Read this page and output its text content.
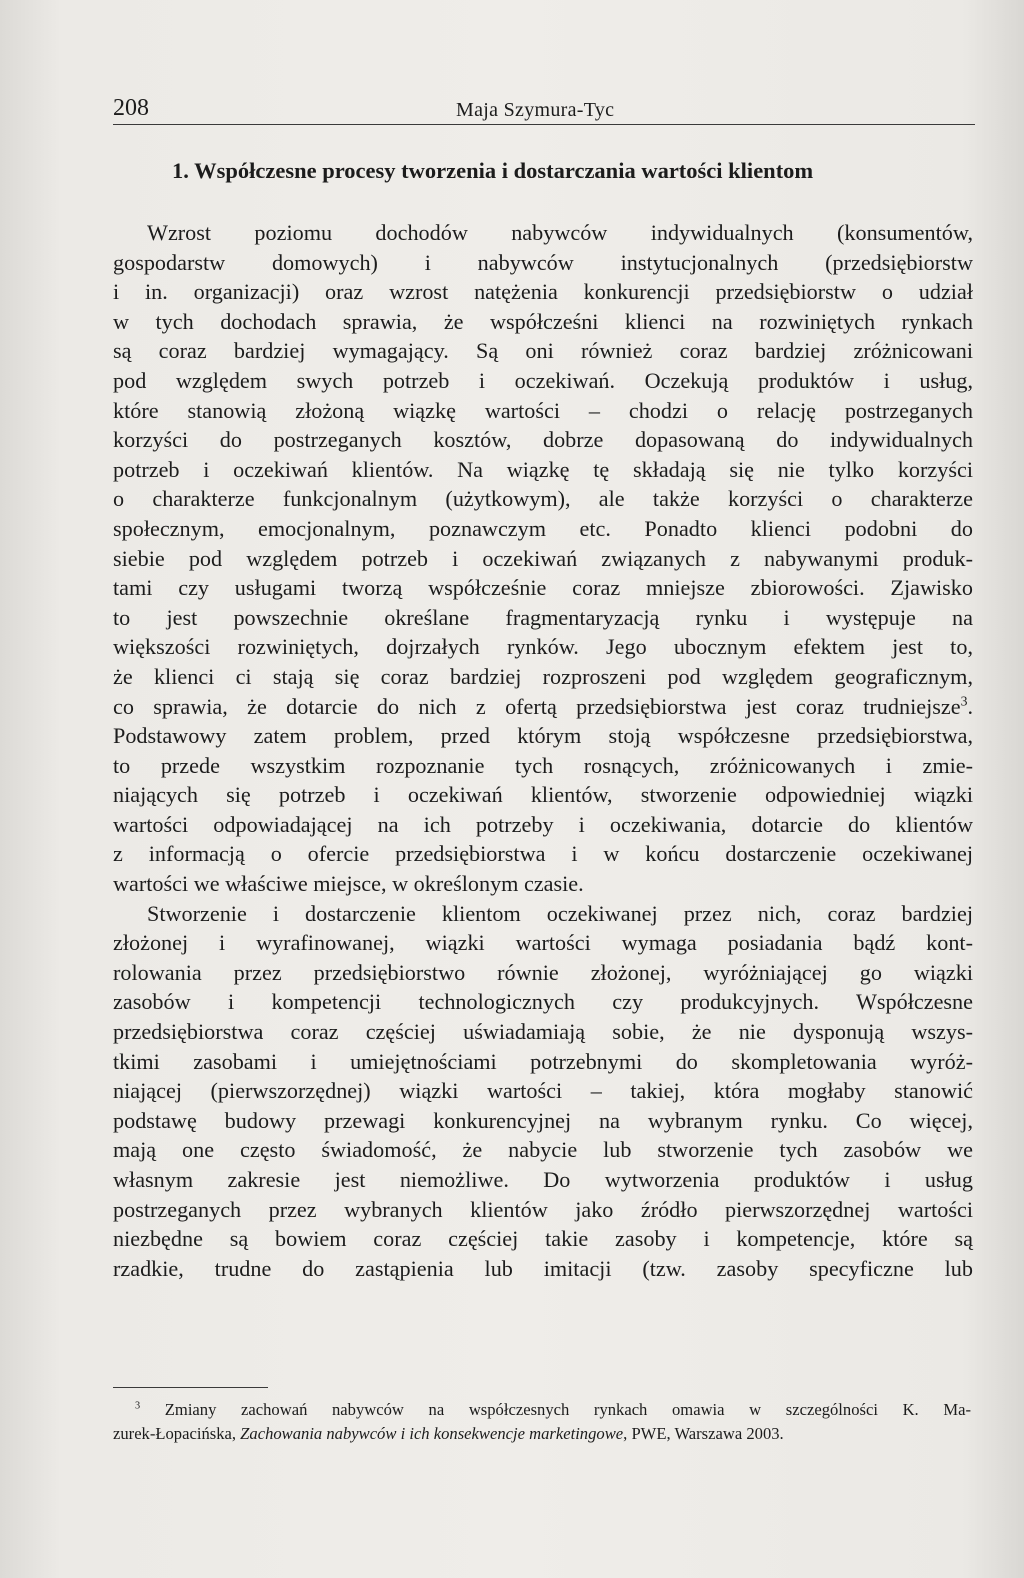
208	Maja Szymura-Tyc
1. Współczesne procesy tworzenia i dostarczania wartości klientom
Wzrost poziomu dochodów nabywców indywidualnych (konsumentów,
gospodarstw domowych) i nabywców instytucjonalnych (przedsiębiorstw
i in. organizacji) oraz wzrost natężenia konkurencji przedsiębiorstw o udział
w tych dochodach sprawia, że współcześni klienci na rozwiniętych rynkach
są coraz bardziej wymagający. Są oni również coraz bardziej zróżnicowani
pod względem swych potrzeb i oczekiwań. Oczekują produktów i usług,
które stanowią złożoną wiązkę wartości – chodzi o relację postrzeganych
korzyści do postrzeganych kosztów, dobrze dopasowaną do indywidualnych
potrzeb i oczekiwań klientów. Na wiązkę tę składają się nie tylko korzyści
o charakterze funkcjonalnym (użytkowym), ale także korzyści o charakterze
społecznym, emocjonalnym, poznawczym etc. Ponadto klienci podobni do
siebie pod względem potrzeb i oczekiwań związanych z nabywanymi produk-
tami czy usługami tworzą współcześnie coraz mniejsze zbiorowości. Zjawisko
to jest powszechnie określane fragmentaryzacją rynku i występuje na
większości rozwiniętych, dojrzałych rynków. Jego ubocznym efektem jest to,
że klienci ci stają się coraz bardziej rozproszeni pod względem geograficznym,
co sprawia, że dotarcie do nich z ofertą przedsiębiorstwa jest coraz trudniejsze$^3$.
Podstawowy zatem problem, przed którym stoją współczesne przedsiębiorstwa,
to przede wszystkim rozpoznanie tych rosnących, zróżnicowanych i zmie-
niających się potrzeb i oczekiwań klientów, stworzenie odpowiedniej wiązki
wartości odpowiadającej na ich potrzeby i oczekiwania, dotarcie do klientów
z informacją o ofercie przedsiębiorstwa i w końcu dostarczenie oczekiwanej
wartości we właściwe miejsce, w określonym czasie.
Stworzenie i dostarczenie klientom oczekiwanej przez nich, coraz bardziej
złożonej i wyrafinowanej, wiązki wartości wymaga posiadania bądź kont-
rolowania przez przedsiębiorstwo równie złożonej, wyróżniającej go wiązki
zasobów i kompetencji technologicznych czy produkcyjnych. Współczesne
przedsiębiorstwa coraz częściej uświadamiają sobie, że nie dysponują wszys-
tkimi zasobami i umiejętnościami potrzebnymi do skompletowania wyróż-
niającej (pierwszorzędnej) wiązki wartości – takiej, która mogłaby stanowić
podstawę budowy przewagi konkurencyjnej na wybranym rynku. Co więcej,
mają one często świadomość, że nabycie lub stworzenie tych zasobów we
własnym zakresie jest niemożliwe. Do wytworzenia produktów i usług
postrzeganych przez wybranych klientów jako źródło pierwszorzędnej wartości
niezbędne są bowiem coraz częściej takie zasoby i kompetencje, które są
rzadkie, trudne do zastąpienia lub imitacji (tzw. zasoby specyficzne lub
$^3$ Zmiany zachowań nabywców na współczesnych rynkach omawia w szczególności K. Ma-
zurek-Łopacińska, Zachowania nabywców i ich konsekwencje marketingowe, PWE, Warszawa 2003.
